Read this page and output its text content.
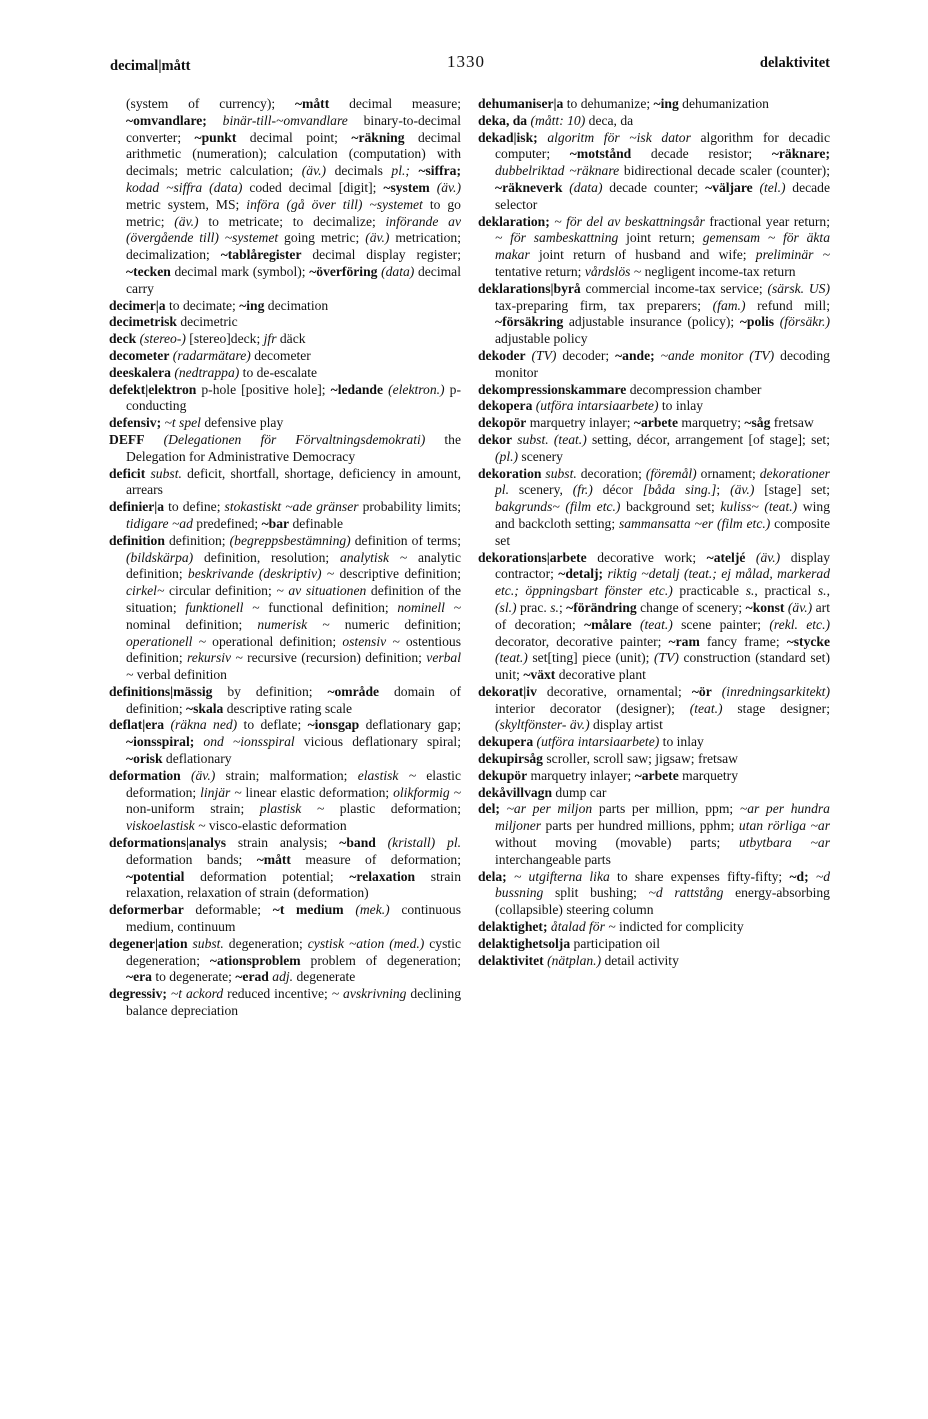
decimal|mått	1330	delaktivitet
(system of currency); ~mått decimal measure; ~omvandlare; binär-till-~omvandlare binary-to-decimal converter; ~punkt decimal point; ~räkning decimal arithmetic (numeration); calculation (computation) with decimals; metric calculation; (äv.) decimals pl.; ~siffra; kodad ~siffra (data) coded decimal [digit]; ~system (äv.) metric system, MS; införa (gå över till) ~systemet to go metric; (äv.) to metricate; to decimalize; införande av (övergående till) ~systemet going metric; (äv.) metrication; decimalization; ~tablåregister decimal display register; ~tecken decimal mark (symbol); ~överföring (data) decimal carry
decimer|a to decimate; ~ing decimation
decimetrisk decimetric
deck (stereo-) [stereo]deck; jfr däck
decometer (radarmätare) decometer
deeskalera (nedtrappa) to de-escalate
defekt|elektron p-hole [positive hole]; ~ledande (elektron.) p-conducting
defensiv; ~t spel defensive play
DEFF (Delegationen för Förvaltningsdemokrati) the Delegation for Administrative Democracy
deficit subst. deficit, shortfall, shortage, deficiency in amount, arrears
definier|a to define; stokastiskt ~ade gränser probability limits; tidigare ~ad predefined; ~bar definable
definition definition; (begreppsbestämning) definition of terms; (bildskärpa) definition, resolution; analytisk ~ analytic definition; beskrivande (deskriptiv) ~ descriptive definition; cirkel~ circular definition; ~ av situationen definition of the situation; funktionell ~ functional definition; nominell ~ nominal definition; numerisk ~ numeric definition; operationell ~ operational definition; ostensiv ~ ostentious definition; rekursiv ~ recursive (recursion) definition; verbal ~ verbal definition
definitions|mässig by definition; ~område domain of definition; ~skala descriptive rating scale
deflat|era (räkna ned) to deflate; ~ionsgap deflationary gap; ~ionsspiral; ond ~ionsspiral vicious deflationary spiral; ~orisk deflationary
deformation (äv.) strain; malformation; elastisk ~ elastic deformation; linjär ~ linear elastic deformation; olikformig ~ non-uniform strain; plastisk ~ plastic deformation; viskoelastisk ~ visco-elastic deformation
deformations|analys strain analysis; ~band (kristall) pl. deformation bands; ~mått measure of deformation; ~potential deformation potential; ~relaxation strain relaxation, relaxation of strain (deformation)
deformerbar deformable; ~t medium (mek.) continuous medium, continuum
degener|ation subst. degeneration; cystisk ~ation (med.) cystic degeneration; ~ationsproblem problem of degeneration; ~era to degenerate; ~erad adj. degenerate
degressiv; ~t ackord reduced incentive; ~ avskrivning declining balance depreciation
dehumaniser|a to dehumanize; ~ing dehumanization
deka, da (mått: 10) deca, da
dekad|isk; algoritm för ~isk dator algorithm for decadic computer; ~motstånd decade resistor; ~räknare; dubbelriktad ~räknare bidirectional decade scaler (counter); ~räkneverk (data) decade counter; ~väljare (tel.) decade selector
deklaration; ~ för del av beskattningsår fractional year return; ~ för sambeskattning joint return; gemensam ~ för äkta makar joint return of husband and wife; preliminär ~ tentative return; vårdslös ~ negligent income-tax return
deklarations|byrå commercial income-tax service; (särsk. US) tax-preparing firm, tax preparers; (fam.) refund mill; ~försäkring adjustable insurance (policy); ~polis (försäkr.) adjustable policy
dekoder (TV) decoder; ~ande; ~ande monitor (TV) decoding monitor
dekompressionskammare decompression chamber
dekopera (utföra intarsiaarbete) to inlay
dekopör marquetry inlayer; ~arbete marquetry; ~såg fretsaw
dekor subst. (teat.) setting, décor, arrangement [of stage]; set; (pl.) scenery
dekoration subst. decoration; (föremål) ornament; dekorationer pl. scenery, (fr.) décor [båda sing.]; (äv.) [stage] set; bakgrunds~ (film etc.) background set; kuliss~ (teat.) wing and backcloth setting; sammansatta ~er (film etc.) composite set
dekorations|arbete decorative work; ~ateljé (äv.) display contractor; ~detalj; riktig ~detalj (teat.; ej målad, markerad etc.; öppningsbart fönster etc.) practicable s., practical s., (sl.) prac. s.; ~förändring change of scenery; ~konst (äv.) art of decoration; ~målare (teat.) scene painter; (rekl. etc.) decorator, decorative painter; ~ram fancy frame; ~stycke (teat.) set[ting] piece (unit); (TV) construction (standard set) unit; ~växt decorative plant
dekorat|iv decorative, ornamental; ~ör (inredningsarkitekt) interior decorator (designer); (teat.) stage designer; (skyltfönster- äv.) display artist
dekupera (utföra intarsiaarbete) to inlay
dekupirsåg scroller, scroll saw; jigsaw; fretsaw
dekupör marquetry inlayer; ~arbete marquetry
dekåvillvagn dump car
del; ~ar per miljon parts per million, ppm; ~ar per hundra miljoner parts per hundred millions, pphm; utan rörliga ~ar without moving (movable) parts; utbytbara ~ar interchangeable parts
dela; ~ utgifterna lika to share expenses fifty-fifty; ~d; ~d bussning split bushing; ~d rattstång energy-absorbing (collapsible) steering column
delaktighet; åtalad för ~ indicted for complicity
delaktighetsolja participation oil
delaktivitet (nätplan.) detail activity
